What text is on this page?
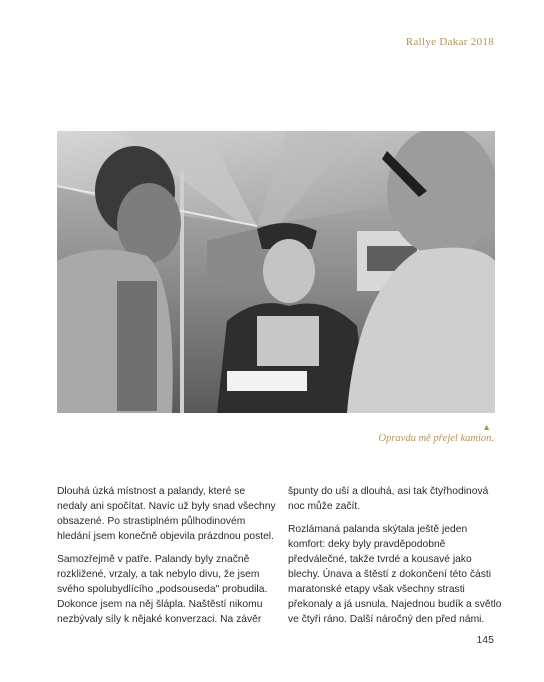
Rallye Dakar 2018
▲
Opravdu mě přejel kamion.

Dlouhá úzká místnost a palandy, které se nedaly ani spočítat. Navíc už byly snad všechny obsazené. Po strastiplném půlhodinovém hledání jsem konečně objevila prázdnou postel.

Samozřejmě v patře. Palandy byly značně rozkližené, vrzaly, a tak nebylo divu, že jsem svého spolubydlícího „podsouseda" probudila. Dokonce jsem na něj šlápla. Naštěstí nikomu nezbývaly síly k nějaké konverzaci. Na závěr

špunty do uší a dlouhá, asi tak čtyřhodinová noc může začít.

Rozlámaná palanda skýtala ještě jeden komfort: deky byly pravděpodobně předválečné, takže tvrdé a kousavé jako blechy. Únava a štěstí z dokončení této části maratonské etapy však všechny strasti překonaly a já usnula. Najednou budík a světlo ve čtyři ráno. Další náročný den před námi.

145
